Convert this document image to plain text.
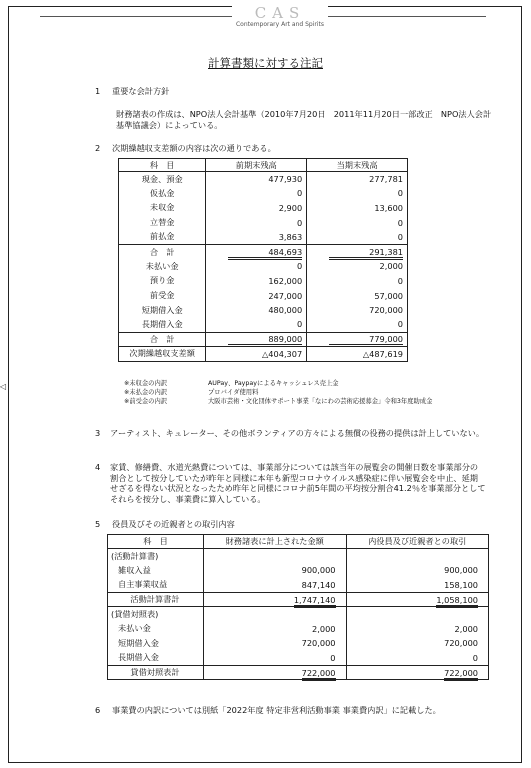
CAS
Contemporary Art and Spirits
◁
計算書類に対する注記
1 重要な会計方針
財務諸表の作成は、NPO法人会計基準（2010年7月20日　2011年11月20日一部改正　NPO法人会計基準協議会）によっている。
2 次期繰越収支差額の内容は次の通りである。
科　目	前期末残高	当期末残高
現金、預金	477,930	277,781
仮払金	0	0
未収金	2,900	13,600
立替金	0	0
前払金	3,863	0
合　計	484,693	291,381
未払い金	0	2,000
預り金	162,000	0
前受金	247,000	57,000
短期借入金	480,000	720,000
長期借入金	0	0
合　計	889,000	779,000
次期繰越収支差額	△404,307	△487,619
※未収金の内訳	AUPay、Paypayによるキャッシュレス売上金
※未払金の内訳	プロバイダ使用料
※前受金の内訳	大阪市芸術・文化団体サポート事業「なにわの芸術応援募金」令和3年度助成金
3 アーティスト、キュレーター、その他ボランティアの方々による無償の役務の提供は計上していない。
4 家賃、修繕費、水道光熱費については、事業部分については該当年の展覧会の開催日数を事業部分の割合として按分していたが昨年と同様に本年も新型コロナウイルス感染症に伴い展覧会を中止、延期せざるを得ない状況となったため昨年と同様にコロナ前5年間の平均按分割合41.2％を事業部分としてそれらを按分し、事業費に算入している。
5 役員及びその近親者との取引内容
科　目	財務諸表に計上された金額	内役員及び近親者との取引
(活動計算書)		
雑収入益	900,000	900,000
自主事業収益	847,140	158,100
活動計算書計	1,747,140	1,058,100
(貸借対照表)		
未払い金	2,000	2,000
短期借入金	720,000	720,000
長期借入金	0	0
貸借対照表計	722,000	722,000
6 事業費の内訳については別紙「2022年度 特定非営利活動事業 事業費内訳」に記載した。
